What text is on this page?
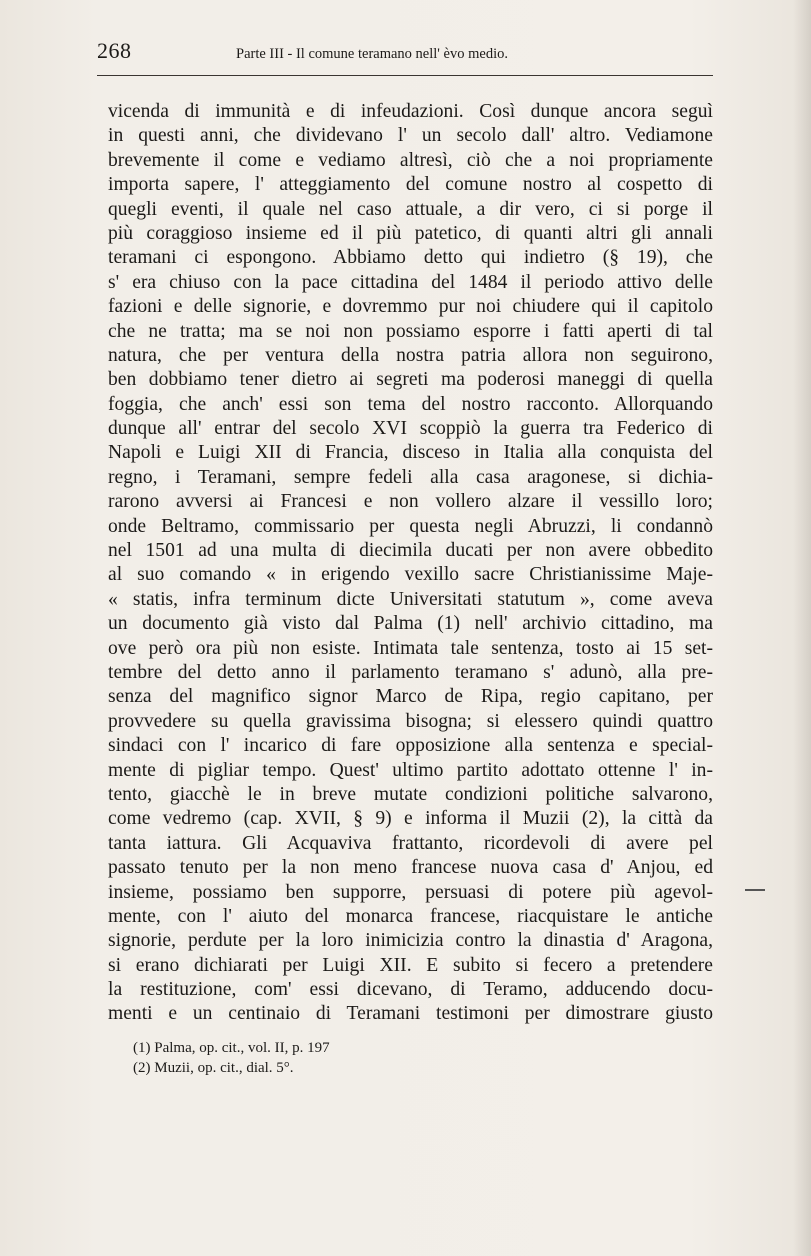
268	Parte III - Il comune teramano nell' èvo medio.
vicenda di immunità e di infeudazioni. Così dunque ancora seguì
in questi anni, che dividevano l' un secolo dall' altro. Vediamone
brevemente il come e vediamo altresì, ciò che a noi propriamente
importa sapere, l' atteggiamento del comune nostro al cospetto di
quegli eventi, il quale nel caso attuale, a dir vero, ci si porge il
più coraggioso insieme ed il più patetico, di quanti altri gli annali
teramani ci espongono. Abbiamo detto qui indietro (§ 19), che
s' era chiuso con la pace cittadina del 1484 il periodo attivo delle
fazioni e delle signorie, e dovremmo pur noi chiudere qui il capitolo
che ne tratta; ma se noi non possiamo esporre i fatti aperti di tal
natura, che per ventura della nostra patria allora non seguirono,
ben dobbiamo tener dietro ai segreti ma poderosi maneggi di quella
foggia, che anch' essi son tema del nostro racconto. Allorquando
dunque all' entrar del secolo XVI scoppiò la guerra tra Federico di
Napoli e Luigi XII di Francia, disceso in Italia alla conquista del
regno, i Teramani, sempre fedeli alla casa aragonese, si dichia-
rarono avversi ai Francesi e non vollero alzare il vessillo loro;
onde Beltramo, commissario per questa negli Abruzzi, li condannò
nel 1501 ad una multa di diecimila ducati per non avere obbedito
al suo comando « in erigendo vexillo sacre Christianissime Maje-
« statis, infra terminum dicte Universitati statutum », come aveva
un documento già visto dal Palma (1) nell' archivio cittadino, ma
ove però ora più non esiste. Intimata tale sentenza, tosto ai 15 set-
tembre del detto anno il parlamento teramano s' adunò, alla pre-
senza del magnifico signor Marco de Ripa, regio capitano, per
provvedere su quella gravissima bisogna; si elessero quindi quattro
sindaci con l' incarico di fare opposizione alla sentenza e special-
mente di pigliar tempo. Quest' ultimo partito adottato ottenne l' in-
tento, giacchè le in breve mutate condizioni politiche salvarono,
come vedremo (cap. XVII, § 9) e informa il Muzii (2), la città da
tanta iattura. Gli Acquaviva frattanto, ricordevoli di avere pel
passato tenuto per la non meno francese nuova casa d' Anjou, ed
insieme, possiamo ben supporre, persuasi di potere più agevol-
mente, con l' aiuto del monarca francese, riacquistare le antiche
signorie, perdute per la loro inimicizia contro la dinastia d' Aragona,
si erano dichiarati per Luigi XII. E subito si fecero a pretendere
la restituzione, com' essi dicevano, di Teramo, adducendo docu-
menti e un centinaio di Teramani testimoni per dimostrare giusto
(1) Palma, op. cit., vol. II, p. 197
(2) Muzii, op. cit., dial. 5°.
